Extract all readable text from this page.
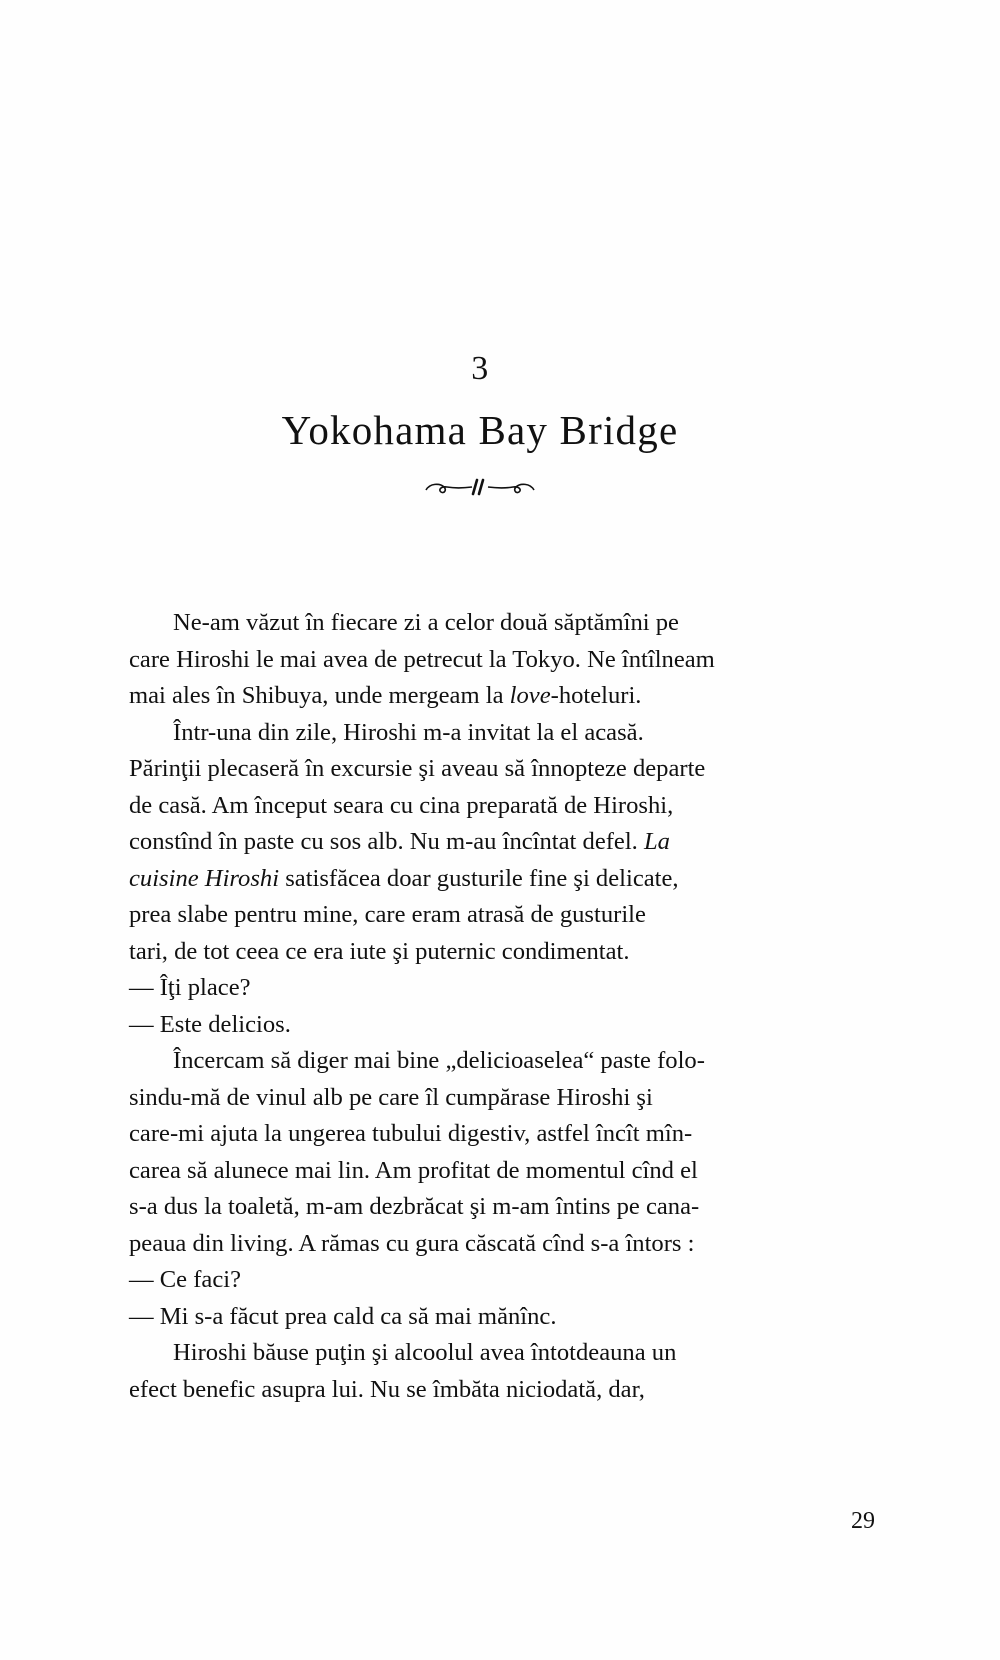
3
Yokohama Bay Bridge

Ne-am văzut în fiecare zi a celor două săptămîni pe
care Hiroshi le mai avea de petrecut la Tokyo. Ne întîlneam
mai ales în Shibuya, unde mergeam la love-hoteluri.

Într-una din zile, Hiroshi m-a invitat la el acasă.
Părinţii plecaseră în excursie şi aveau să înnopteze departe
de casă. Am început seara cu cina preparată de Hiroshi,
constînd în paste cu sos alb. Nu m-au încîntat defel. La
cuisine Hiroshi satisfăcea doar gusturile fine şi delicate,
prea slabe pentru mine, care eram atrasă de gusturile
tari, de tot ceea ce era iute şi puternic condimentat.

— Îţi place?

— Este delicios.

Încercam să diger mai bine „delicioaselea“ paste folo-
sindu-mă de vinul alb pe care îl cumpărase Hiroshi şi
care-mi ajuta la ungerea tubului digestiv, astfel încît mîn-
carea să alunece mai lin. Am profitat de momentul cînd el
s-a dus la toaletă, m-am dezbrăcat şi m-am întins pe cana-
peaua din living. A rămas cu gura căscată cînd s-a întors :

— Ce faci?

— Mi s-a făcut prea cald ca să mai mănînc.

Hiroshi băuse puţin şi alcoolul avea întotdeauna un
efect benefic asupra lui. Nu se îmbăta niciodată, dar,

29
